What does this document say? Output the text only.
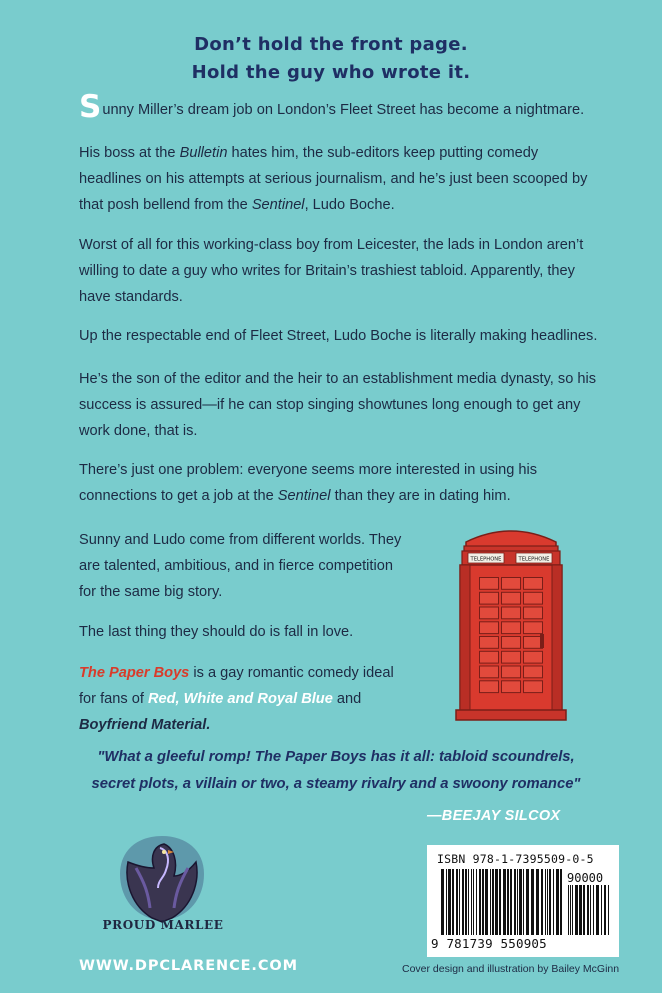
Don’t hold the front page.
Hold the guy who wrote it.

Sunny Miller’s dream job on London’s Fleet Street has become a nightmare.

His boss at the Bulletin hates him, the sub-editors keep putting comedy headlines on his attempts at serious journalism, and he’s just been scooped by that posh bellend from the Sentinel, Ludo Boche.

Worst of all for this working-class boy from Leicester, the lads in London aren’t willing to date a guy who writes for Britain’s trashiest tabloid. Apparently, they have standards.

Up the respectable end of Fleet Street, Ludo Boche is literally making headlines.

He’s the son of the editor and the heir to an establishment media dynasty, so his success is assured—if he can stop singing showtunes long enough to get any work done, that is.

There’s just one problem: everyone seems more interested in using his connections to get a job at the Sentinel than they are in dating him.

Sunny and Ludo come from different worlds. They are talented, ambitious, and in fierce competition for the same big story.

The last thing they should do is fall in love.

The Paper Boys is a gay romantic comedy ideal for fans of Red, White and Royal Blue and Boyfriend Material.

TELEPHONE	TELEPHONE
"What a gleeful romp! The Paper Boys has it all: tabloid scoundrels, secret plots, a villain or two, a steamy rivalry and a swoony romance"
—BEEJAY SILCOX
PROUD MARLEE
WWW.DPCLARENCE.COM	Cover design and illustration by Bailey McGinn
ISBN 978-1-7395509-0-5
90000
9 781739 550905
